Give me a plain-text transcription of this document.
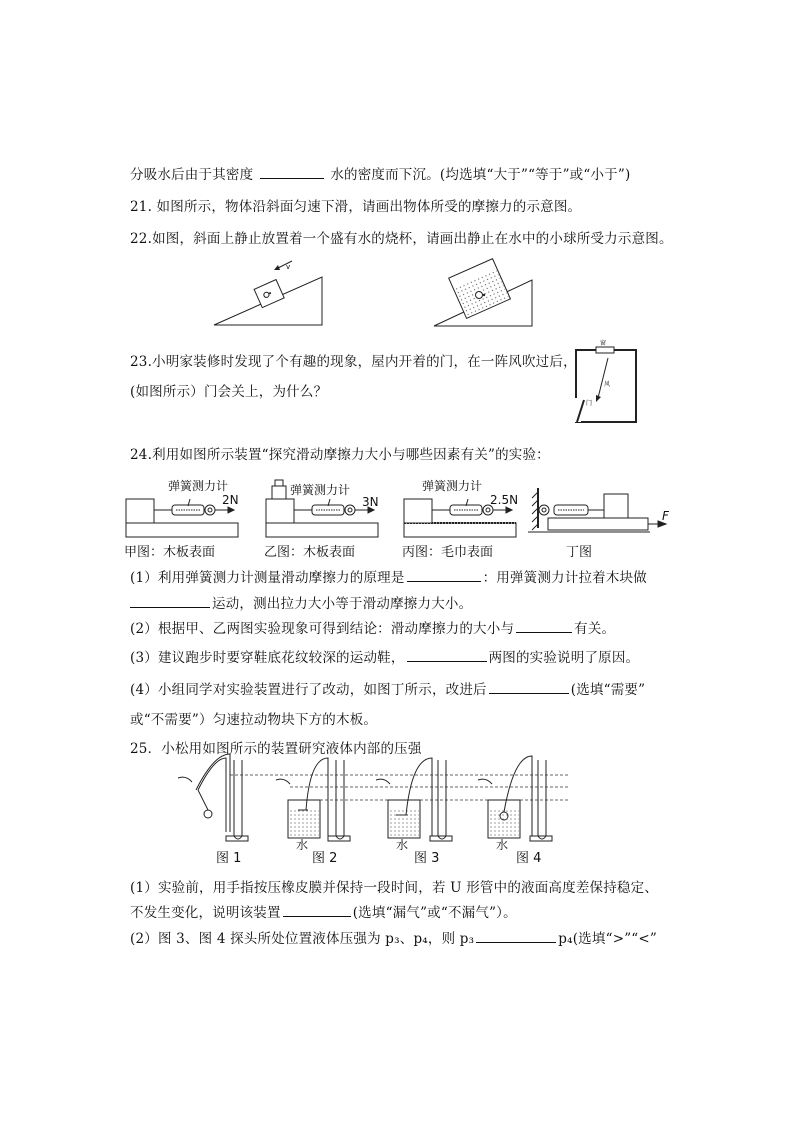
分吸水后由于其密度	水的密度而下沉。(均选填“大于”“等于”或“小于”)
21. 如图所示，物体沿斜面匀速下滑，请画出物体所受的摩擦力的示意图。
22.如图，斜面上静止放置着一个盛有水的烧杯，请画出静止在水中的小球所受力示意图。
v
23.小明家装修时发现了个有趣的现象，屋内开着的门，在一阵风吹过后，
(如图所示）门会关上，为什么？
窗
风
门
24.利用如图所示装置“探究滑动摩擦力大小与哪些因素有关”的实验：
弹簧测力计
2N
弹簧测力计
3N
弹簧测力计
2.5N
F
甲图：木板表面	乙图：木板表面	丙图：毛巾表面	丁图
(1）利用弹簧测力计测量滑动摩擦力的原理是	：用弹簧测力计拉着木块做
运动，测出拉力大小等于滑动摩擦力大小。
(2）根据甲、乙两图实验现象可得到结论：滑动摩擦力的大小与	有关。
(3）建议跑步时要穿鞋底花纹较深的运动鞋，	两图的实验说明了原因。
(4）小组同学对实验装置进行了改动，如图丁所示，改进后	(选填“需要”
或“不需要”）匀速拉动物块下方的木板。
25．小松用如图所示的装置研究液体内部的压强
水	水	水
图 1	图 2	图 3	图 4
(1）实验前，用手指按压橡皮膜并保持一段时间，若 U 形管中的液面高度差保持稳定、
不发生变化，说明该装置	(选填“漏气”或“不漏气”）。
(2）图 3、图 4 探头所处位置液体压强为 p₃、p₄，则 p₃	p₄(选填“>”“<”
